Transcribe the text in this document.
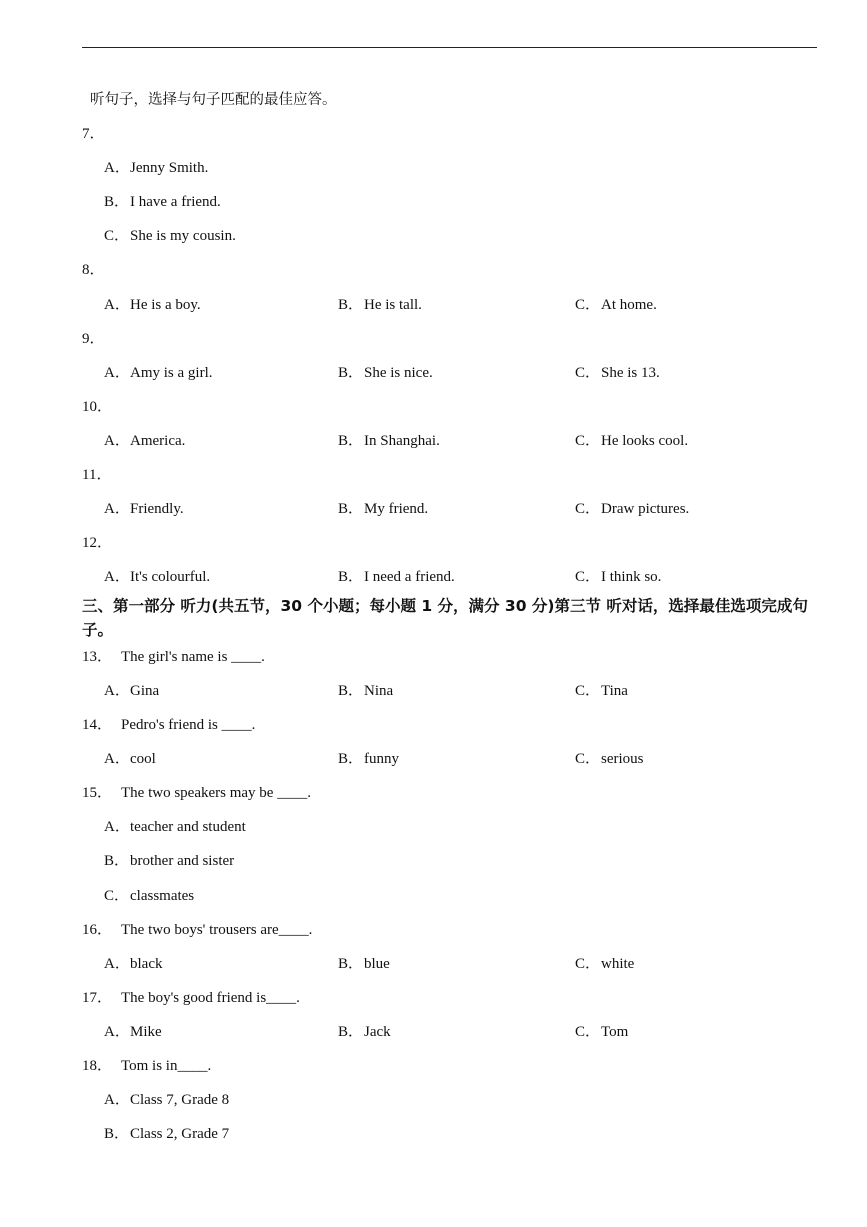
听句子，选择与句子匹配的最佳应答。
7．
A．Jenny Smith.
B．I have a friend.
C．She is my cousin.
8．
A．He is a boy.	B．He is tall.	C．At home.
9．
A．Amy is a girl.	B．She is nice.	C．She is 13.
10．
A．America.	B．In Shanghai.	C．He looks cool.
11．
A．Friendly.	B．My friend.	C．Draw pictures.
12．
A．It's colourful.	B．I need a friend.	C．I think so.
三、第一部分 听力(共五节，30 个小题；每小题 1 分，满分 30 分)第三节 听对话，选择最佳选项完成句子。
13． The girl's name is ____.
A．Gina	B．Nina	C．Tina
14． Pedro's friend is ____.
A．cool	B．funny	C．serious
15． The two speakers may be ____.
A．teacher and student
B．brother and sister
C．classmates
16． The two boys' trousers are____.
A．black	B．blue	C．white
17． The boy's good friend is____.
A．Mike	B．Jack	C．Tom
18． Tom is in____.
A．Class 7, Grade 8
B．Class 2, Grade 7
